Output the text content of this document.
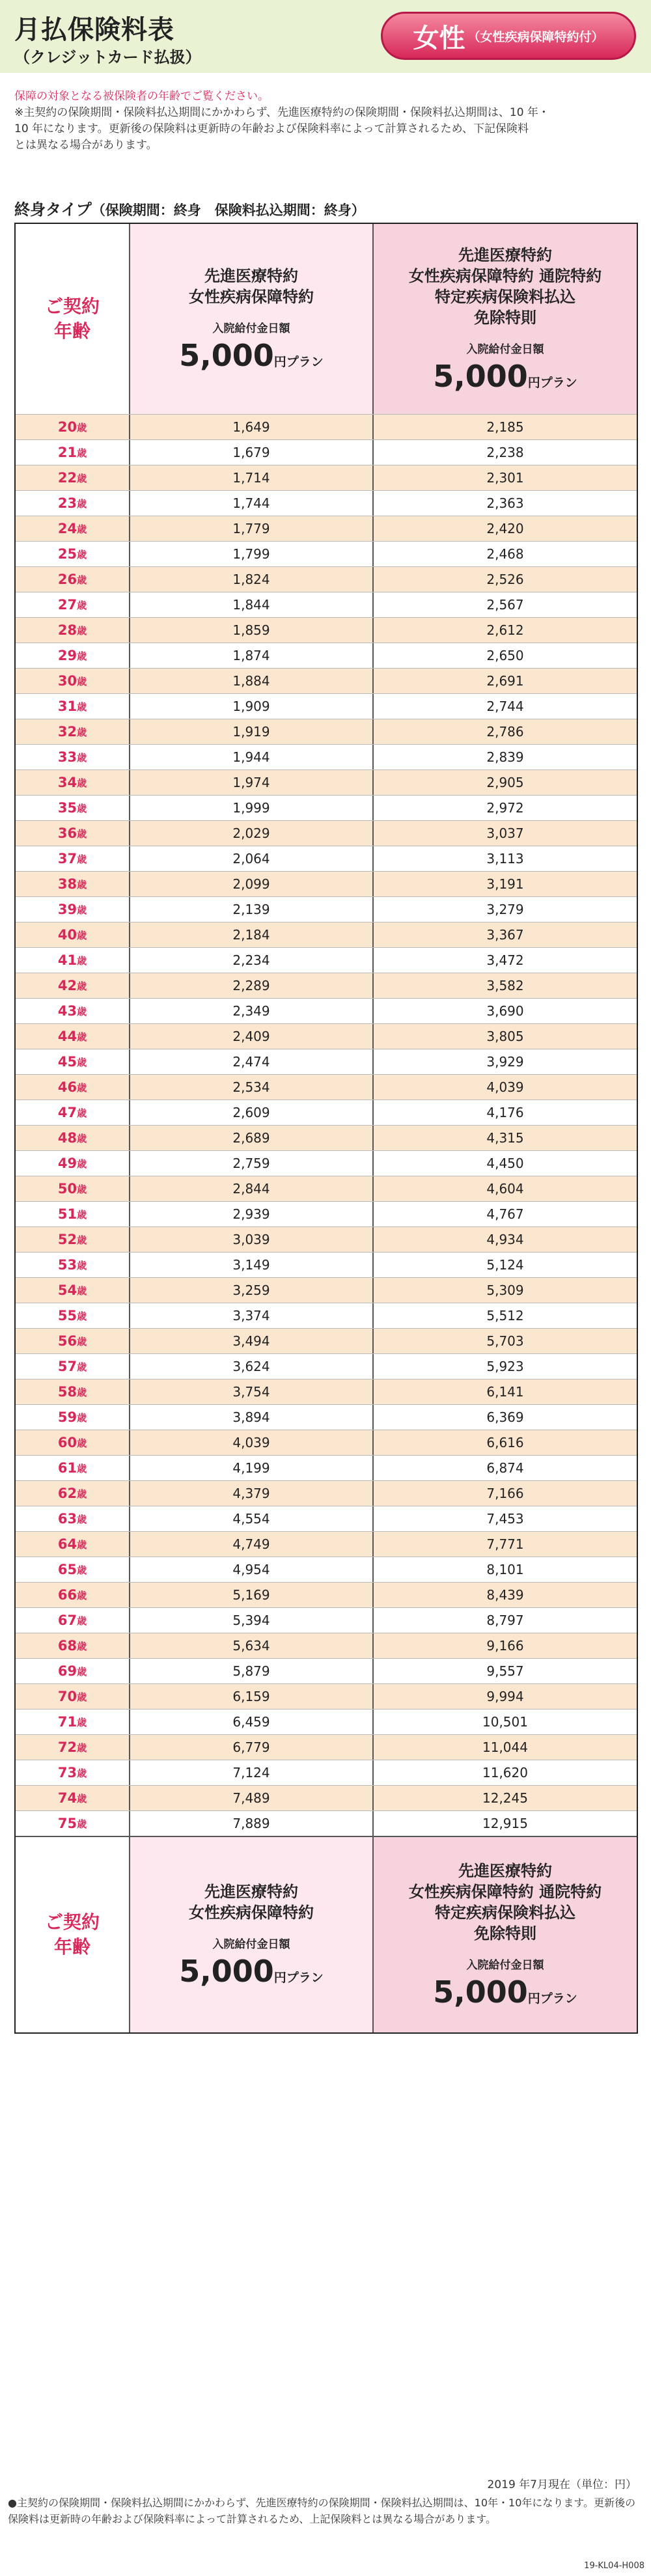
月払保険料表
（クレジットカード払扱）
女性 （女性疾病保障特約付）
保障の対象となる被保険者の年齢でご覧ください。
※主契約の保険期間・保険料払込期間にかかわらず、先進医療特約の保険期間・保険料払込期間は、10 年・
10 年になります。更新後の保険料は更新時の年齢および保険料率によって計算されるため、下記保険料
とは異なる場合があります。
終身タイプ（保険期間：終身　保険料払込期間：終身）
ご契約
年齢
先進医療特約
女性疾病保障特約
入院給付金日額
5,000円プラン
先進医療特約
女性疾病保障特約 通院特約
特定疾病保険料払込
免除特則
入院給付金日額
5,000円プラン
20 歳	1,649	2,185
21 歳	1,679	2,238
22 歳	1,714	2,301
23 歳	1,744	2,363
24 歳	1,779	2,420
25 歳	1,799	2,468
26 歳	1,824	2,526
27 歳	1,844	2,567
28 歳	1,859	2,612
29 歳	1,874	2,650
30 歳	1,884	2,691
31 歳	1,909	2,744
32 歳	1,919	2,786
33 歳	1,944	2,839
34 歳	1,974	2,905
35 歳	1,999	2,972
36 歳	2,029	3,037
37 歳	2,064	3,113
38 歳	2,099	3,191
39 歳	2,139	3,279
40 歳	2,184	3,367
41 歳	2,234	3,472
42 歳	2,289	3,582
43 歳	2,349	3,690
44 歳	2,409	3,805
45 歳	2,474	3,929
46 歳	2,534	4,039
47 歳	2,609	4,176
48 歳	2,689	4,315
49 歳	2,759	4,450
50 歳	2,844	4,604
51 歳	2,939	4,767
52 歳	3,039	4,934
53 歳	3,149	5,124
54 歳	3,259	5,309
55 歳	3,374	5,512
56 歳	3,494	5,703
57 歳	3,624	5,923
58 歳	3,754	6,141
59 歳	3,894	6,369
60 歳	4,039	6,616
61 歳	4,199	6,874
62 歳	4,379	7,166
63 歳	4,554	7,453
64 歳	4,749	7,771
65 歳	4,954	8,101
66 歳	5,169	8,439
67 歳	5,394	8,797
68 歳	5,634	9,166
69 歳	5,879	9,557
70 歳	6,159	9,994
71 歳	6,459	10,501
72 歳	6,779	11,044
73 歳	7,124	11,620
74 歳	7,489	12,245
75 歳	7,889	12,915
ご契約
年齢
先進医療特約
女性疾病保障特約
入院給付金日額
5,000円プラン
先進医療特約
女性疾病保障特約 通院特約
特定疾病保険料払込
免除特則
入院給付金日額
5,000円プラン
2019 年7月現在（単位：円）
●主契約の保険期間・保険料払込期間にかかわらず、先進医療特約の保険期間・保険料払込期間は、10年・10年になります。更新後の保険料は更新時の年齢および保険料率によって計算されるため、上記保険料とは異なる場合があります。
19-KL04-H008
